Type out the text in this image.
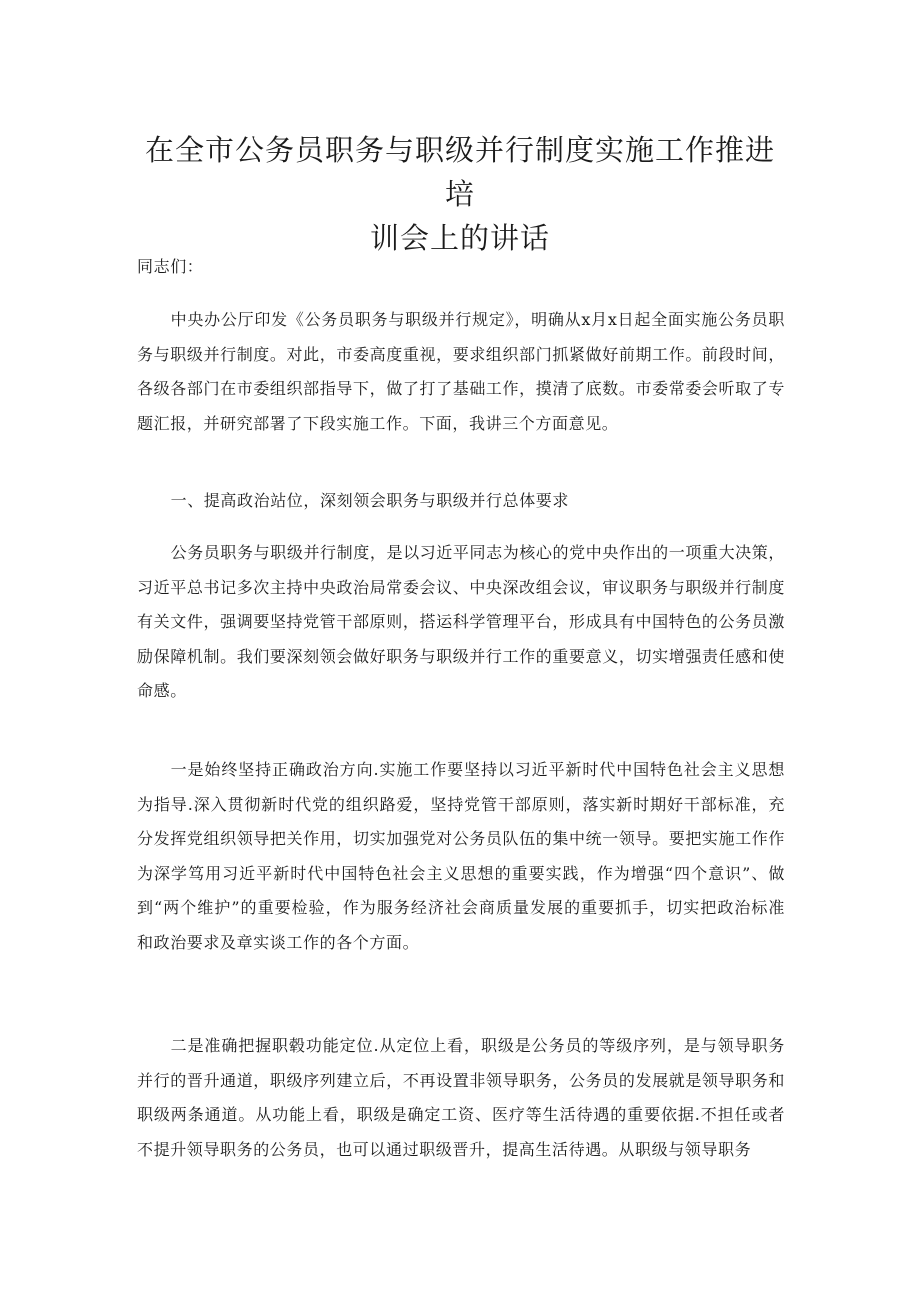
在全市公务员职务与职级并行制度实施工作推进培
训会上的讲话

同志们：

中央办公厅印发《公务员职务与职级并行规定》，明确从x月x日起全面实施公务员职务与职级并行制度。对此，市委高度重视，要求组织部门抓紧做好前期工作。前段时间，各级各部门在市委组织部指导下，做了打了基础工作，摸清了底数。市委常委会听取了专题汇报，并研究部署了下段实施工作。下面，我讲三个方面意见。

一、提高政治站位，深刻领会职务与职级并行总体要求

公务员职务与职级并行制度，是以习近平同志为核心的党中央作出的一项重大决策，习近平总书记多次主持中央政治局常委会议、中央深改组会议，审议职务与职级并行制度有关文件，强调要坚持党管干部原则，搭运科学管理平台，形成具有中国特色的公务员激励保障机制。我们要深刻领会做好职务与职级并行工作的重要意义，切实增强责任感和使命感。

一是始终坚持正确政治方向.实施工作要坚持以习近平新时代中国特色社会主义思想为指导.深入贯彻新时代党的组织路爱，坚持党管干部原则，落实新时期好干部标准，充分发挥党组织领导把关作用，切实加强党对公务员队伍的集中统一领导。要把实施工作作为深学笃用习近平新时代中国特色社会主义思想的重要实践，作为增强“四个意识”、做到“两个维护”的重要检验，作为服务经济社会商质量发展的重要抓手，切实把政治标准和政治要求及章实谈工作的各个方面。

二是准确把握职毂功能定位.从定位上看，职级是公务员的等级序列，是与领导职务并行的晋升通道，职级序列建立后，不再设置非领导职务，公务员的发展就是领导职务和职级两条通道。从功能上看，职级是确定工资、医疗等生活待遇的重要依据.不担任或者不提升领导职务的公务员，也可以通过职级晋升，提高生活待遇。从职级与领导职务
